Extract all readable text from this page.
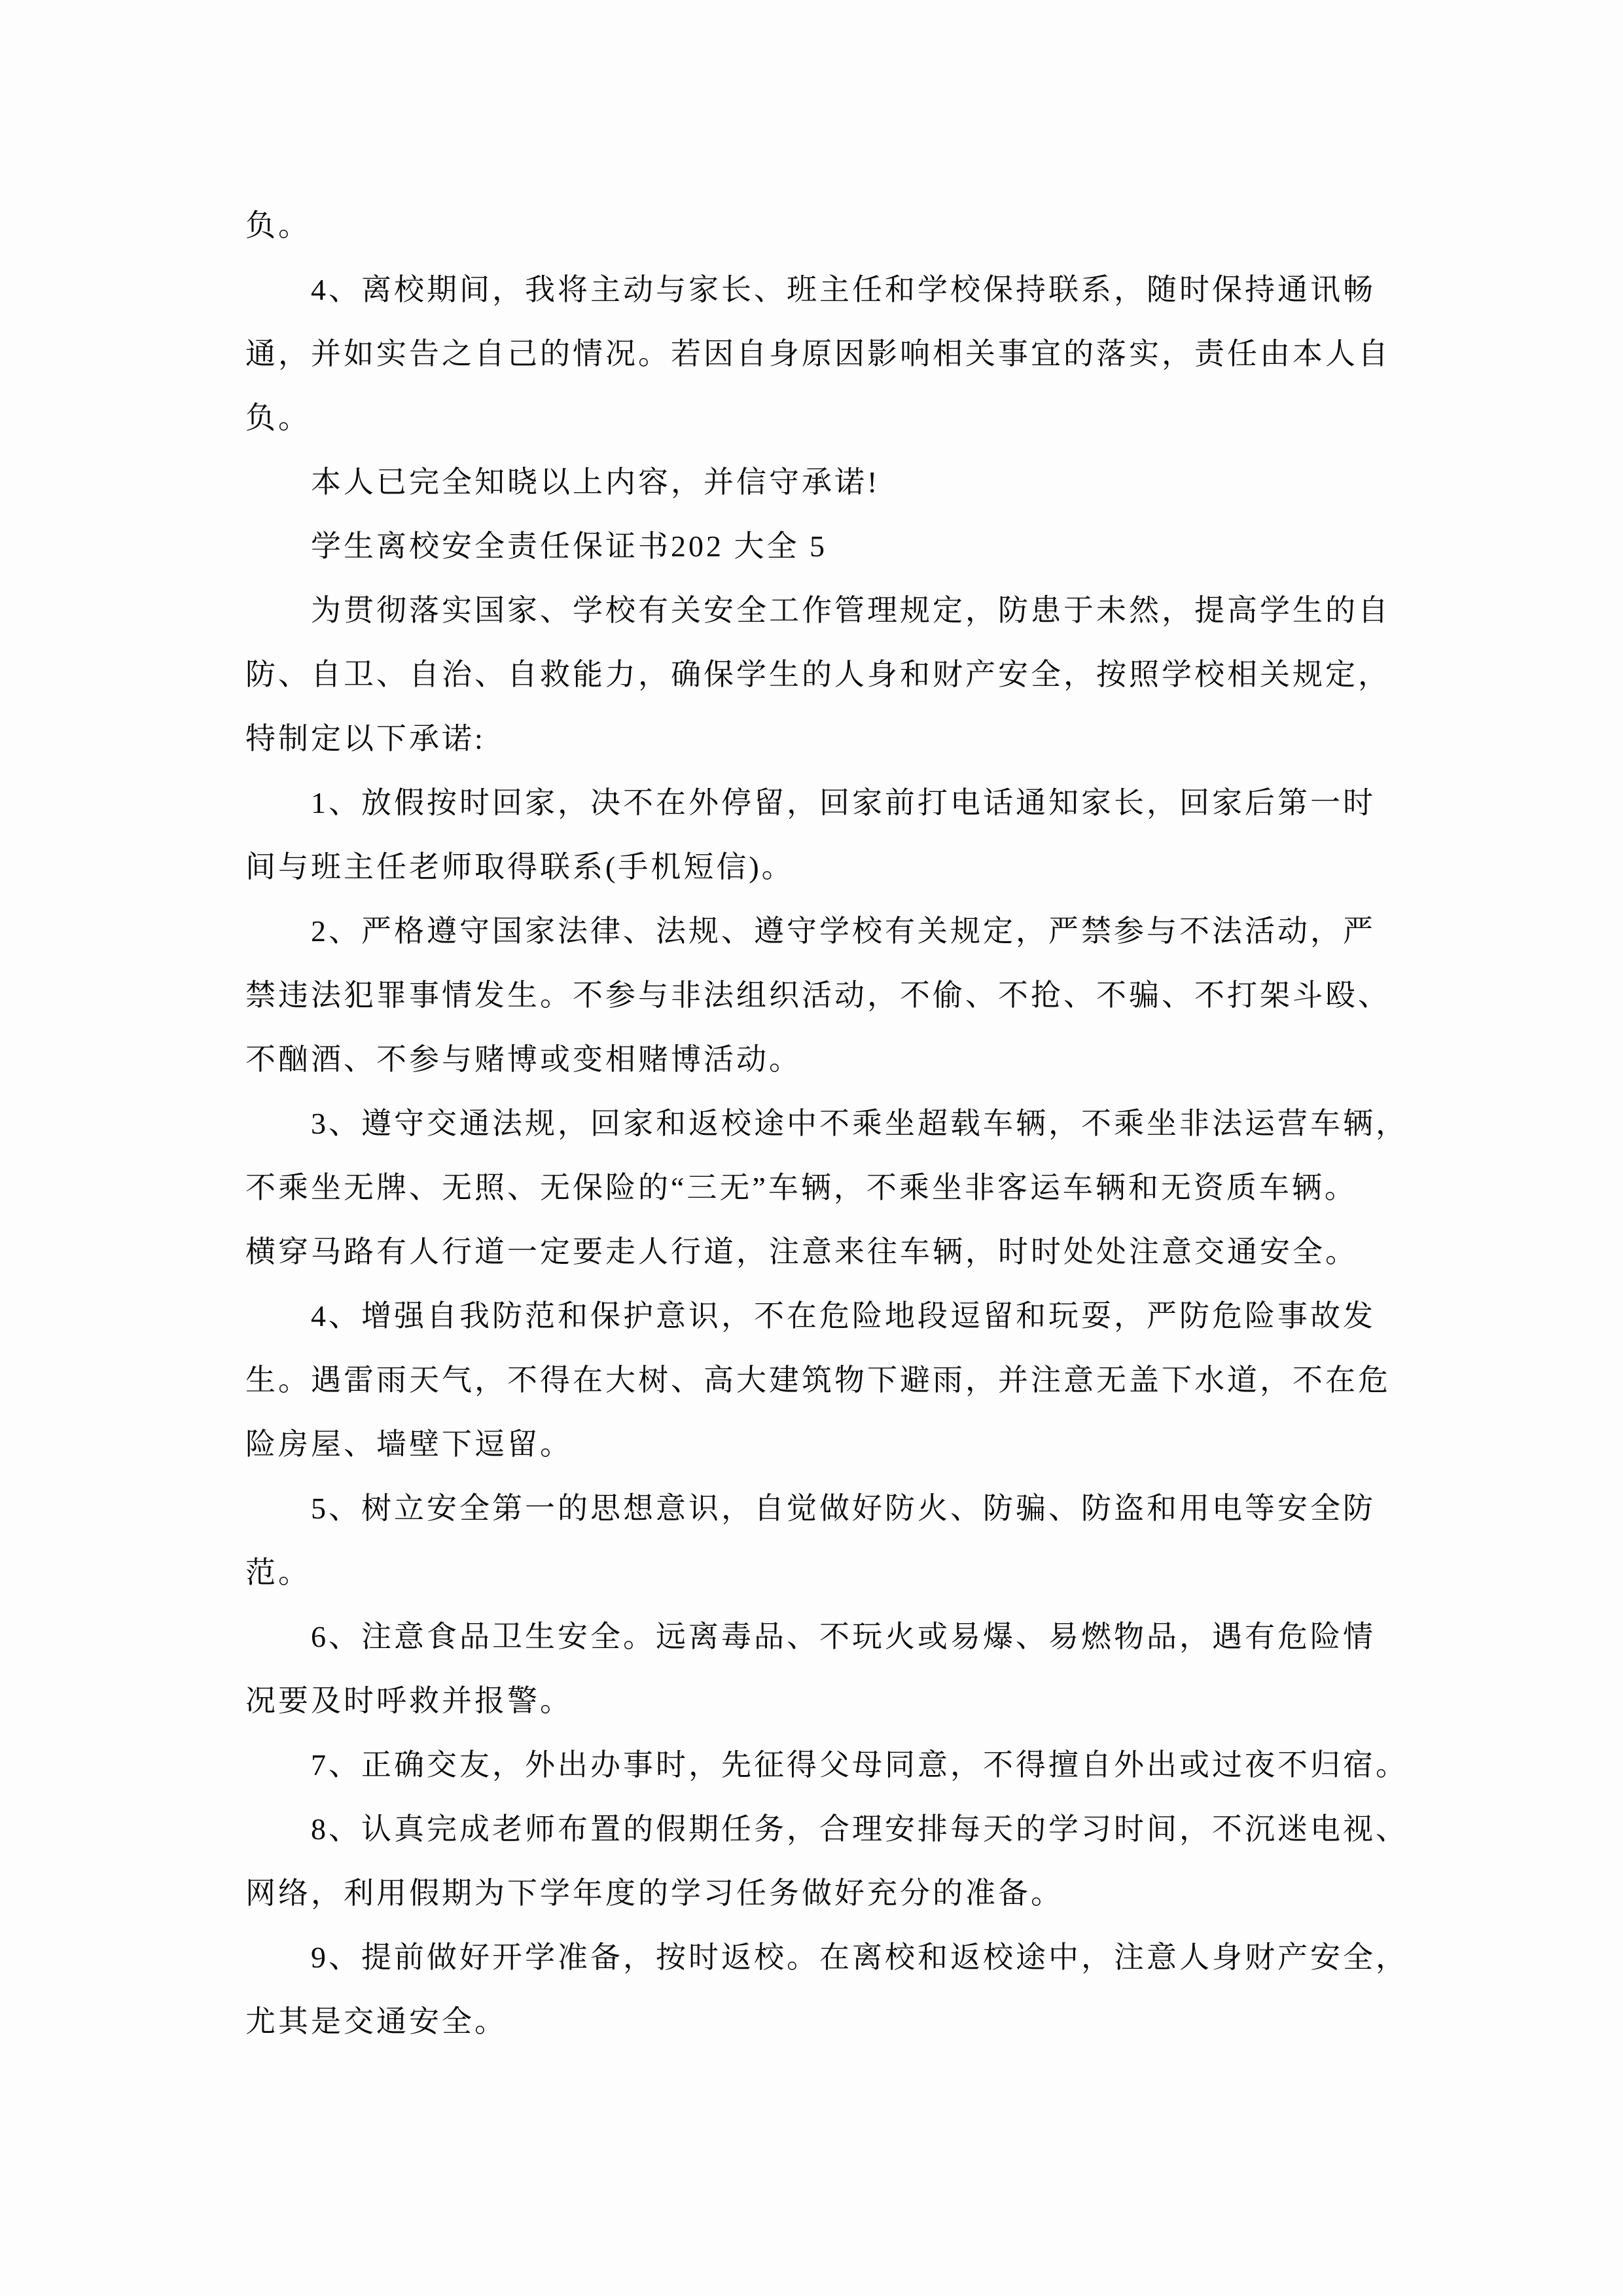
负。
4、离校期间，我将主动与家长、班主任和学校保持联系，随时保持通讯畅
通，并如实告之自己的情况。若因自身原因影响相关事宜的落实，责任由本人自
负。
本人已完全知晓以上内容，并信守承诺!
学生离校安全责任保证书202 大全 5
为贯彻落实国家、学校有关安全工作管理规定，防患于未然，提高学生的自
防、自卫、自治、自救能力，确保学生的人身和财产安全，按照学校相关规定，
特制定以下承诺:
1、放假按时回家，决不在外停留，回家前打电话通知家长，回家后第一时
间与班主任老师取得联系(手机短信)。
2、严格遵守国家法律、法规、遵守学校有关规定，严禁参与不法活动，严
禁违法犯罪事情发生。不参与非法组织活动，不偷、不抢、不骗、不打架斗殴、
不酗酒、不参与赌博或变相赌博活动。
3、遵守交通法规，回家和返校途中不乘坐超载车辆，不乘坐非法运营车辆，
不乘坐无牌、无照、无保险的“三无”车辆，不乘坐非客运车辆和无资质车辆。
横穿马路有人行道一定要走人行道，注意来往车辆，时时处处注意交通安全。
4、增强自我防范和保护意识，不在危险地段逗留和玩耍，严防危险事故发
生。遇雷雨天气，不得在大树、高大建筑物下避雨，并注意无盖下水道，不在危
险房屋、墙壁下逗留。
5、树立安全第一的思想意识，自觉做好防火、防骗、防盗和用电等安全防
范。
6、注意食品卫生安全。远离毒品、不玩火或易爆、易燃物品，遇有危险情
况要及时呼救并报警。
7、正确交友，外出办事时，先征得父母同意，不得擅自外出或过夜不归宿。
8、认真完成老师布置的假期任务，合理安排每天的学习时间，不沉迷电视、
网络，利用假期为下学年度的学习任务做好充分的准备。
9、提前做好开学准备，按时返校。在离校和返校途中，注意人身财产安全，
尤其是交通安全。
